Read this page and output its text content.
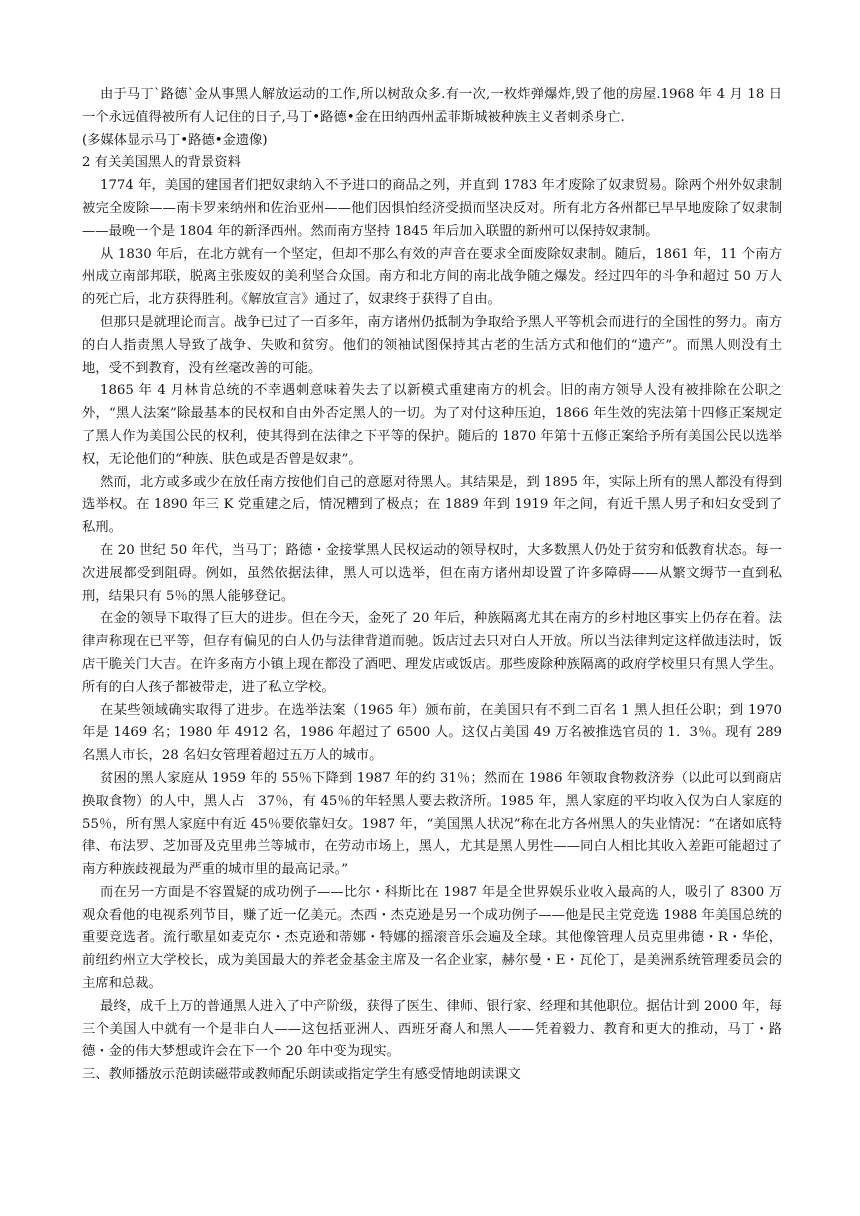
由于马丁`路德`金从事黑人解放运动的工作,所以树敌众多.有一次,一枚炸弹爆炸,毁了他的房屋.1968 年 4 月 18 日一个永远值得被所有人记住的日子,马丁•路德•金在田纳西州孟菲斯城被种族主义者刺杀身亡.

(多媒体显示马丁•路德•金遗像)

2 有关美国黑人的背景资料

1774 年，美国的建国者们把奴隶纳入不予进口的商品之列，并直到 1783 年才废除了奴隶贸易。除两个州外奴隶制被完全废除——南卡罗来纳州和佐治亚州——他们因惧怕经济受损而坚决反对。所有北方各州都已早早地废除了奴隶制——最晚一个是 1804 年的新泽西州。然而南方坚持 1845 年后加入联盟的新州可以保持奴隶制。

从 1830 年后，在北方就有一个坚定，但却不那么有效的声音在要求全面废除奴隶制。随后，1861 年，11 个南方州成立南部邦联，脱离主张废奴的美利坚合众国。南方和北方间的南北战争随之爆发。经过四年的斗争和超过 50 万人的死亡后，北方获得胜利。《解放宣言》通过了，奴隶终于获得了自由。

但那只是就理论而言。战争已过了一百多年，南方诸州仍抵制为争取给予黑人平等机会而进行的全国性的努力。南方的白人指责黑人导致了战争、失败和贫穷。他们的领袖试图保持其古老的生活方式和他们的“遗产”。而黑人则没有土地，受不到教育，没有丝毫改善的可能。

1865 年 4 月林肯总统的不幸遇刺意味着失去了以新模式重建南方的机会。旧的南方领导人没有被排除在公职之外，“黑人法案”除最基本的民权和自由外否定黑人的一切。为了对付这种压迫，1866 年生效的宪法第十四修正案规定了黑人作为美国公民的权利，使其得到在法律之下平等的保护。随后的 1870 年第十五修正案给予所有美国公民以选举权，无论他们的“种族、肤色或是否曾是奴隶”。

然而，北方或多或少在放任南方按他们自己的意愿对待黑人。其结果是，到 1895 年，实际上所有的黑人都没有得到选举权。在 1890 年三 K 党重建之后，情况糟到了极点；在 1889 年到 1919 年之间，有近千黑人男子和妇女受到了私刑。

在 20 世纪 50 年代，当马丁；路德・金接掌黑人民权运动的领导权时，大多数黑人仍处于贫穷和低教育状态。每一次进展都受到阻碍。例如，虽然依据法律，黑人可以选举，但在南方诸州却设置了许多障碍——从繁文缛节一直到私刑，结果只有 5％的黑人能够登记。

在金的领导下取得了巨大的进步。但在今天，金死了 20 年后，种族隔离尤其在南方的乡村地区事实上仍存在着。法律声称现在已平等，但存有偏见的白人仍与法律背道而驰。饭店过去只对白人开放。所以当法律判定这样做违法时，饭店干脆关门大吉。在许多南方小镇上现在都没了酒吧、理发店或饭店。那些废除种族隔离的政府学校里只有黑人学生。所有的白人孩子都被带走，进了私立学校。

在某些领域确实取得了进步。在选举法案（1965 年）颁布前，在美国只有不到二百名 1 黑人担任公职；到 1970 年是 1469 名；1980 年 4912 名，1986 年超过了 6500 人。这仅占美国 49 万名被推选官员的 1．3％。现有 289 名黑人市长，28 名妇女管理着超过五万人的城市。

贫困的黑人家庭从 1959 年的 55％下降到 1987 年的约 31％；然而在 1986 年领取食物救济券（以此可以到商店换取食物）的人中，黑人占　37％，有 45％的年轻黑人要去救济所。1985 年，黑人家庭的平均收入仅为白人家庭的 55％，所有黑人家庭中有近 45％要依靠妇女。1987 年，“美国黑人状况”称在北方各州黑人的失业情况：“在诸如底特律、布法罗、芝加哥及克里弗兰等城市，在劳动市场上，黑人，尤其是黑人男性——同白人相比其收入差距可能超过了南方种族歧视最为严重的城市里的最高记录。”

而在另一方面是不容置疑的成功例子——比尔・科斯比在 1987 年是全世界娱乐业收入最高的人，吸引了 8300 万观众看他的电视系列节目，赚了近一亿美元。杰西・杰克逊是另一个成功例子——他是民主党竞选 1988 年美国总统的重要竞选者。流行歌星如麦克尔・杰克逊和蒂娜・特娜的摇滚音乐会遍及全球。其他像管理人员克里弗德・R・华伦，前纽约州立大学校长，成为美国最大的养老金基金主席及一名企业家，赫尔曼・E・瓦伦丁，是美洲系统管理委员会的主席和总裁。

最终，成千上万的普通黑人进入了中产阶级，获得了医生、律师、银行家、经理和其他职位。据估计到 2000 年，每三个美国人中就有一个是非白人——这包括亚洲人、西班牙裔人和黑人——凭着毅力、教育和更大的推动，马丁・路德・金的伟大梦想或许会在下一个 20 年中变为现实。

三、教师播放示范朗读磁带或教师配乐朗读或指定学生有感受情地朗读课文
